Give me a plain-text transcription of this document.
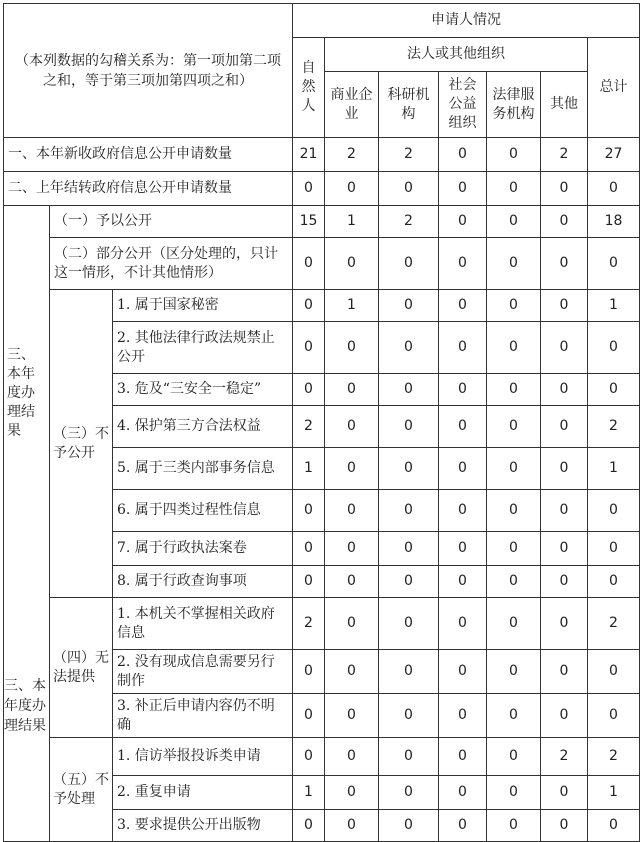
（本列数据的勾稽关系为：第一项加第二项之和，等于第三项加第四项之和）			申请人情况						
			自然人	法人或其他组织					总计
				商业企业	科研机构	社会公益组织	法律服务机构	其他	
一、本年新收政府信息公开申请数量			21	2	2	0	0	2	27
二、上年结转政府信息公开申请数量			0	0	0	0	0	0	0
三、本年度办理结果	（一）予以公开		15	1	2	0	0	0	18
	（二）部分公开（区分处理的，只计这一情形，不计其他情形）		0	0	0	0	0	0	0
	（三）不予公开	1. 属于国家秘密	0	1	0	0	0	0	1
		2. 其他法律行政法规禁止公开	0	0	0	0	0	0	0
		3. 危及“三安全一稳定”	0	0	0	0	0	0	0
		4. 保护第三方合法权益	2	0	0	0	0	0	2
		5. 属于三类内部事务信息	1	0	0	0	0	0	1
		6. 属于四类过程性信息	0	0	0	0	0	0	0
		7. 属于行政执法案卷	0	0	0	0	0	0	0
		8. 属于行政查询事项	0	0	0	0	0	0	0
	（四）无法提供	1. 本机关不掌握相关政府信息	2	0	0	0	0	0	2
		2. 没有现成信息需要另行制作	0	0	0	0	0	0	0
		3. 补正后申请内容仍不明确	0	0	0	0	0	0	0
	（五）不予处理	1. 信访举报投诉类申请	0	0	0	0	0	2	2
		2. 重复申请	1	0	0	0	0	0	1
		3. 要求提供公开出版物	0	0	0	0	0	0	0
三、本年度办理结果
